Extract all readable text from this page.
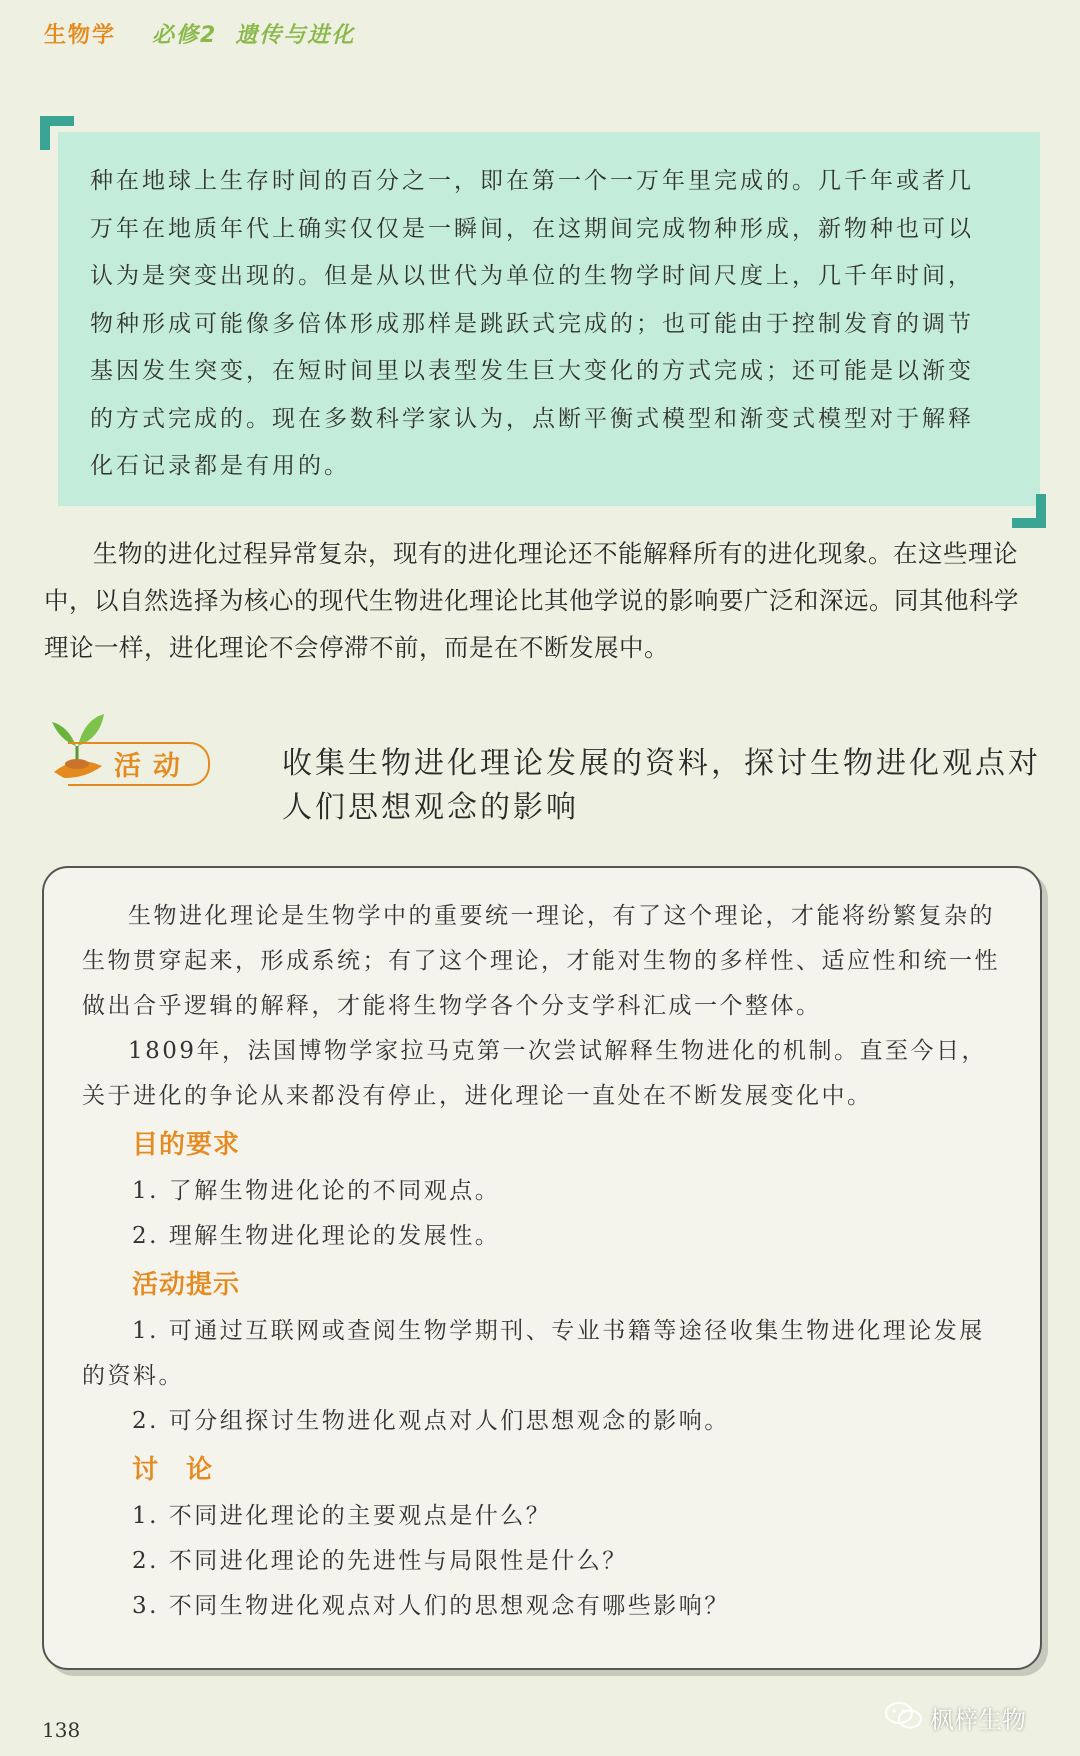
生物学 必修2 遗传与进化

种在地球上生存时间的百分之一，即在第一个一万年里完成的。几千年或者几

万年在地质年代上确实仅仅是一瞬间，在这期间完成物种形成，新物种也可以

认为是突变出现的。但是从以世代为单位的生物学时间尺度上，几千年时间，

物种形成可能像多倍体形成那样是跳跃式完成的；也可能由于控制发育的调节

基因发生突变，在短时间里以表型发生巨大变化的方式完成；还可能是以渐变

的方式完成的。现在多数科学家认为，点断平衡式模型和渐变式模型对于解释

化石记录都是有用的。

生物的进化过程异常复杂，现有的进化理论还不能解释所有的进化现象。在这些理论中，以自然选择为核心的现代生物进化理论比其他学说的影响要广泛和深远。同其他科学理论一样，进化理论不会停滞不前，而是在不断发展中。

活动	收集生物进化理论发展的资料，探讨生物进化观点对人们思想观念的影响

生物进化理论是生物学中的重要统一理论，有了这个理论，才能将纷繁复杂的生物贯穿起来，形成系统；有了这个理论，才能对生物的多样性、适应性和统一性做出合乎逻辑的解释，才能将生物学各个分支学科汇成一个整体。

1809年，法国博物学家拉马克第一次尝试解释生物进化的机制。直至今日，关于进化的争论从来都没有停止，进化理论一直处在不断发展变化中。

目的要求

1. 了解生物进化论的不同观点。

2. 理解生物进化理论的发展性。

活动提示

1. 可通过互联网或查阅生物学期刊、专业书籍等途径收集生物进化理论发展的资料。

2. 可分组探讨生物进化观点对人们思想观念的影响。

讨　论

1. 不同进化理论的主要观点是什么？

2. 不同进化理论的先进性与局限性是什么？

3. 不同生物进化观点对人们的思想观念有哪些影响？

138	枫梓生物
